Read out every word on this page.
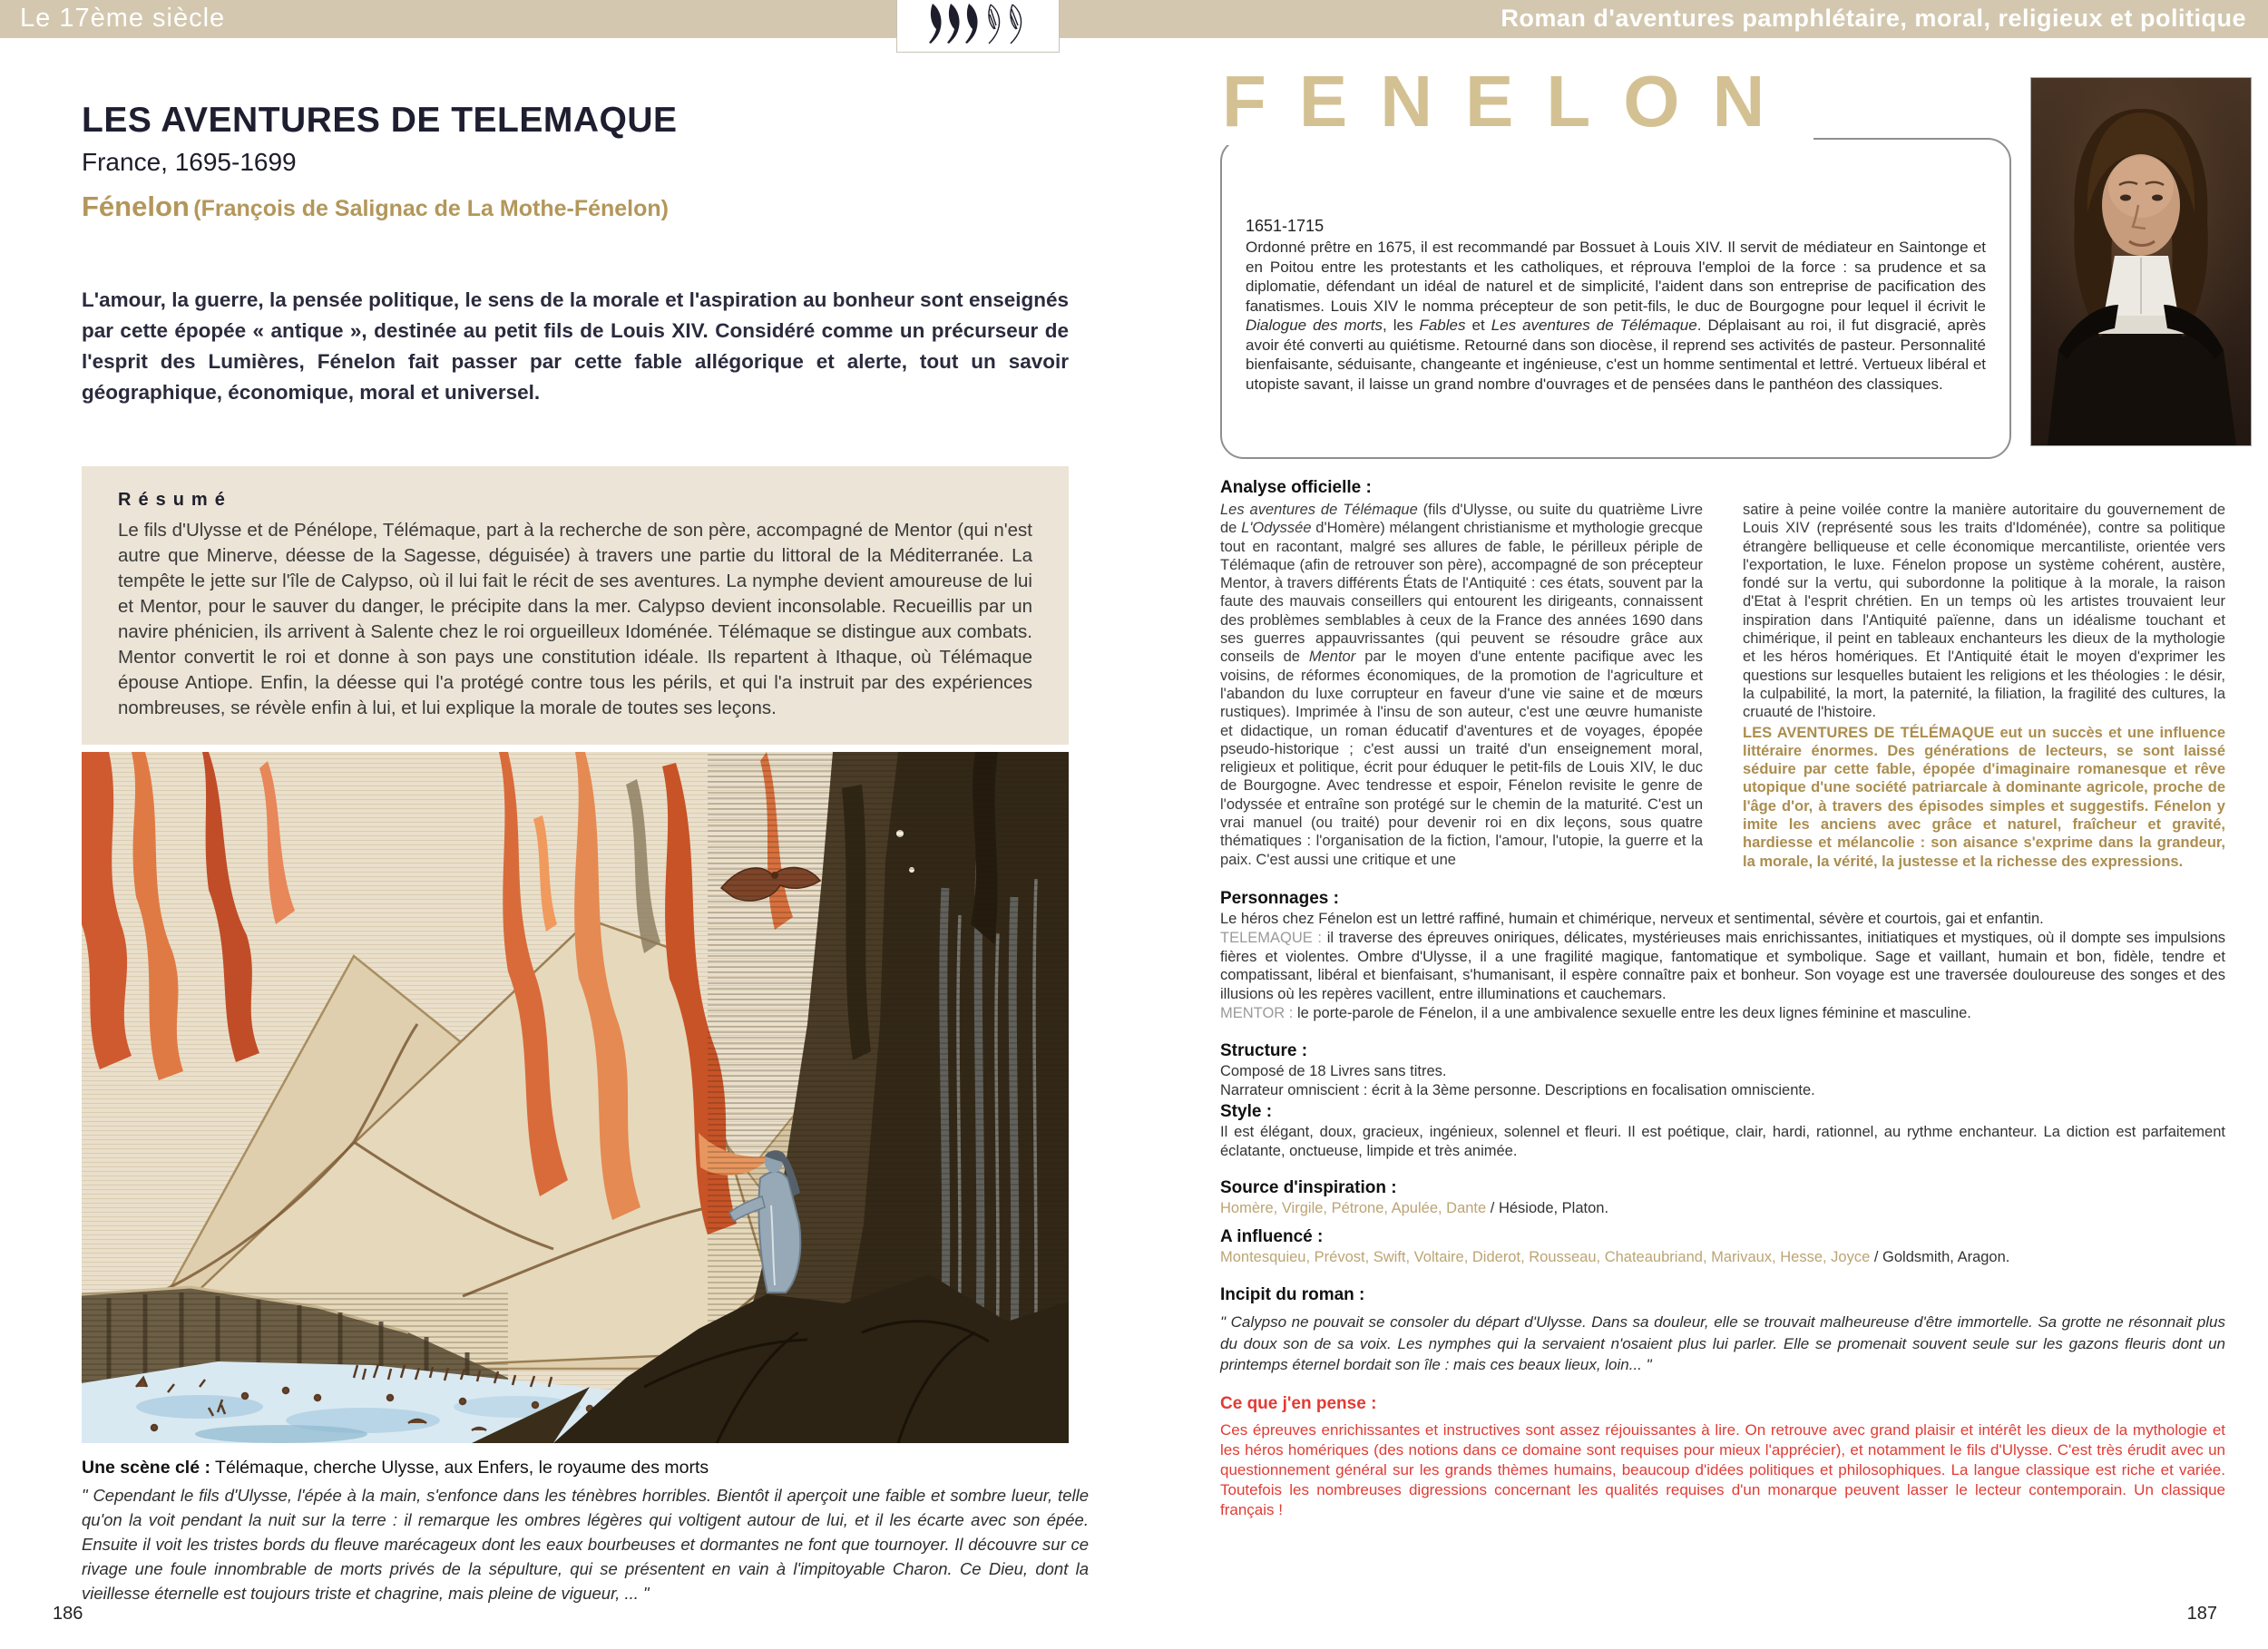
Le 17ème siècle	Roman d'aventures pamphlétaire, moral, religieux et politique
LES AVENTURES DE TELEMAQUE
France, 1695-1699
Fénelon (François de Salignac de La Mothe-Fénelon)

L'amour, la guerre, la pensée politique, le sens de la morale et l'aspiration au bonheur sont enseignés par cette épopée « antique », destinée au petit fils de Louis XIV. Considéré comme un précurseur de l'esprit des Lumières, Fénelon fait passer par cette fable allégorique et alerte, tout un savoir géographique, économique, moral et universel.

Résumé

Le fils d'Ulysse et de Pénélope, Télémaque, part à la recherche de son père, accompagné de Mentor (qui n'est autre que Minerve, déesse de la Sagesse, déguisée) à travers une partie du littoral de la Méditerranée. La tempête le jette sur l'île de Calypso, où il lui fait le récit de ses aventures. La nymphe devient amoureuse de lui et Mentor, pour le sauver du danger, le précipite dans la mer. Calypso devient inconsolable. Recueillis par un navire phénicien, ils arrivent à Salente chez le roi orgueilleux Idoménée. Télémaque se distingue aux combats. Mentor convertit le roi et donne à son pays une constitution idéale. Ils repartent à Ithaque, où Télémaque épouse Antiope. Enfin, la déesse qui l'a protégé contre tous les périls, et qui l'a instruit par des expériences nombreuses, se révèle enfin à lui, et lui explique la morale de toutes ses leçons.

Une scène clé : Télémaque, cherche Ulysse, aux Enfers, le royaume des morts
" Cependant le fils d'Ulysse, l'épée à la main, s'enfonce dans les ténèbres horribles. Bientôt il aperçoit une faible et sombre lueur, telle qu'on la voit pendant la nuit sur la terre : il remarque les ombres légères qui voltigent autour de lui, et il les écarte avec son épée. Ensuite il voit les tristes bords du fleuve marécageux dont les eaux bourbeuses et dormantes ne font que tournoyer. Il découvre sur ce rivage une foule innombrable de morts privés de la sépulture, qui se présentent en vain à l'impitoyable Charon. Ce Dieu, dont la vieillesse éternelle est toujours triste et chagrine, mais pleine de vigueur, ... "
186
FENELON
1651-1715
Ordonné prêtre en 1675, il est recommandé par Bossuet à Louis XIV. Il servit de médiateur en Saintonge et en Poitou entre les protestants et les catholiques, et réprouva l'emploi de la force : sa prudence et sa diplomatie, défendant un idéal de naturel et de simplicité, l'aident dans son entreprise de pacification des fanatismes. Louis XIV le nomma précepteur de son petit-fils, le duc de Bourgogne pour lequel il écrivit le Dialogue des morts, les Fables et Les aventures de Télémaque. Déplaisant au roi, il fut disgracié, après avoir été converti au quiétisme. Retourné dans son diocèse, il reprend ses activités de pasteur. Personnalité bienfaisante, séduisante, changeante et ingénieuse, c'est un homme sentimental et lettré. Vertueux libéral et utopiste savant, il laisse un grand nombre d'ouvrages et de pensées dans le panthéon des classiques.
Analyse officielle :
Les aventures de Télémaque (fils d'Ulysse, ou suite du quatrième Livre de L'Odyssée d'Homère) mélangent christianisme et mythologie grecque tout en racontant, malgré ses allures de fable, le périlleux périple de Télémaque (afin de retrouver son père), accompagné de son précepteur Mentor, à travers différents États de l'Antiquité : ces états, souvent par la faute des mauvais conseillers qui entourent les dirigeants, connaissent des problèmes semblables à ceux de la France des années 1690 dans ses guerres appauvrissantes (qui peuvent se résoudre grâce aux conseils de Mentor par le moyen d'une entente pacifique avec les voisins, de réformes économiques, de la promotion de l'agriculture et l'abandon du luxe corrupteur en faveur d'une vie saine et de mœurs rustiques). Imprimée à l'insu de son auteur, c'est une œuvre humaniste et didactique, un roman éducatif d'aventures et de voyages, épopée pseudo-historique ; c'est aussi un traité d'un enseignement moral, religieux et politique, écrit pour éduquer le petit-fils de Louis XIV, le duc de Bourgogne. Avec tendresse et espoir, Fénelon revisite le genre de l'odyssée et entraîne son protégé sur le chemin de la maturité. C'est un vrai manuel (ou traité) pour devenir roi en dix leçons, sous quatre thématiques : l'organisation de la fiction, l'amour, l'utopie, la guerre et la paix. C'est aussi une critique et une
satire à peine voilée contre la manière autoritaire du gouvernement de Louis XIV (représenté sous les traits d'Idoménée), contre sa politique étrangère belliqueuse et celle économique mercantiliste, orientée vers l'exportation, le luxe. Fénelon propose un système cohérent, austère, fondé sur la vertu, qui subordonne la politique à la morale, la raison d'Etat à l'esprit chrétien. En un temps où les artistes trouvaient leur inspiration dans l'Antiquité païenne, dans un idéalisme touchant et chimérique, il peint en tableaux enchanteurs les dieux de la mythologie et les héros homériques. Et l'Antiquité était le moyen d'exprimer les questions sur lesquelles butaient les religions et les théologies : le désir, la culpabilité, la mort, la paternité, la filiation, la fragilité des cultures, la cruauté de l'histoire.
LES AVENTURES DE TÉLÉMAQUE eut un succès et une influence littéraire énormes. Des générations de lecteurs, se sont laissé séduire par cette fable, épopée d'imaginaire romanesque et rêve utopique d'une société patriarcale à dominante agricole, proche de l'âge d'or, à travers des épisodes simples et suggestifs. Fénelon y imite les anciens avec grâce et naturel, fraîcheur et gravité, hardiesse et mélancolie : son aisance s'exprime dans la grandeur, la morale, la vérité, la justesse et la richesse des expressions.
Personnages :
Le héros chez Fénelon est un lettré raffiné, humain et chimérique, nerveux et sentimental, sévère et courtois, gai et enfantin.
TELEMAQUE : il traverse des épreuves oniriques, délicates, mystérieuses mais enrichissantes, initiatiques et mystiques, où il dompte ses impulsions fières et violentes. Ombre d'Ulysse, il a une fragilité magique, fantomatique et symbolique. Sage et vaillant, humain et bon, fidèle, tendre et compatissant, libéral et bienfaisant, s'humanisant, il espère connaître paix et bonheur. Son voyage est une traversée douloureuse des songes et des illusions où les repères vacillent, entre illuminations et cauchemars.
MENTOR : le porte-parole de Fénelon, il a une ambivalence sexuelle entre les deux lignes féminine et masculine.
Structure :
Composé de 18 Livres sans titres.
Narrateur omniscient : écrit à la 3ème personne. Descriptions en focalisation omnisciente.
Style :
Il est élégant, doux, gracieux, ingénieux, solennel et fleuri. Il est poétique, clair, hardi, rationnel, au rythme enchanteur. La diction est parfaitement éclatante, onctueuse, limpide et très animée.
Source d'inspiration :
Homère, Virgile, Pétrone, Apulée, Dante / Hésiode, Platon.
A influencé :
Montesquieu, Prévost, Swift, Voltaire, Diderot, Rousseau, Chateaubriand, Marivaux, Hesse, Joyce / Goldsmith, Aragon.
Incipit du roman :
" Calypso ne pouvait se consoler du départ d'Ulysse. Dans sa douleur, elle se trouvait malheureuse d'être immortelle. Sa grotte ne résonnait plus du doux son de sa voix. Les nymphes qui la servaient n'osaient plus lui parler. Elle se promenait souvent seule sur les gazons fleuris dont un printemps éternel bordait son île : mais ces beaux lieux, loin... "
Ce que j'en pense :
Ces épreuves enrichissantes et instructives sont assez réjouissantes à lire. On retrouve avec grand plaisir et intérêt les dieux de la mythologie et les héros homériques (des notions dans ce domaine sont requises pour mieux l'apprécier), et notamment le fils d'Ulysse. C'est très érudit avec un questionnement général sur les grands thèmes humains, beaucoup d'idées politiques et philosophiques. La langue classique est riche et variée. Toutefois les nombreuses digressions concernant les qualités requises d'un monarque peuvent lasser le lecteur contemporain. Un classique français !
187
